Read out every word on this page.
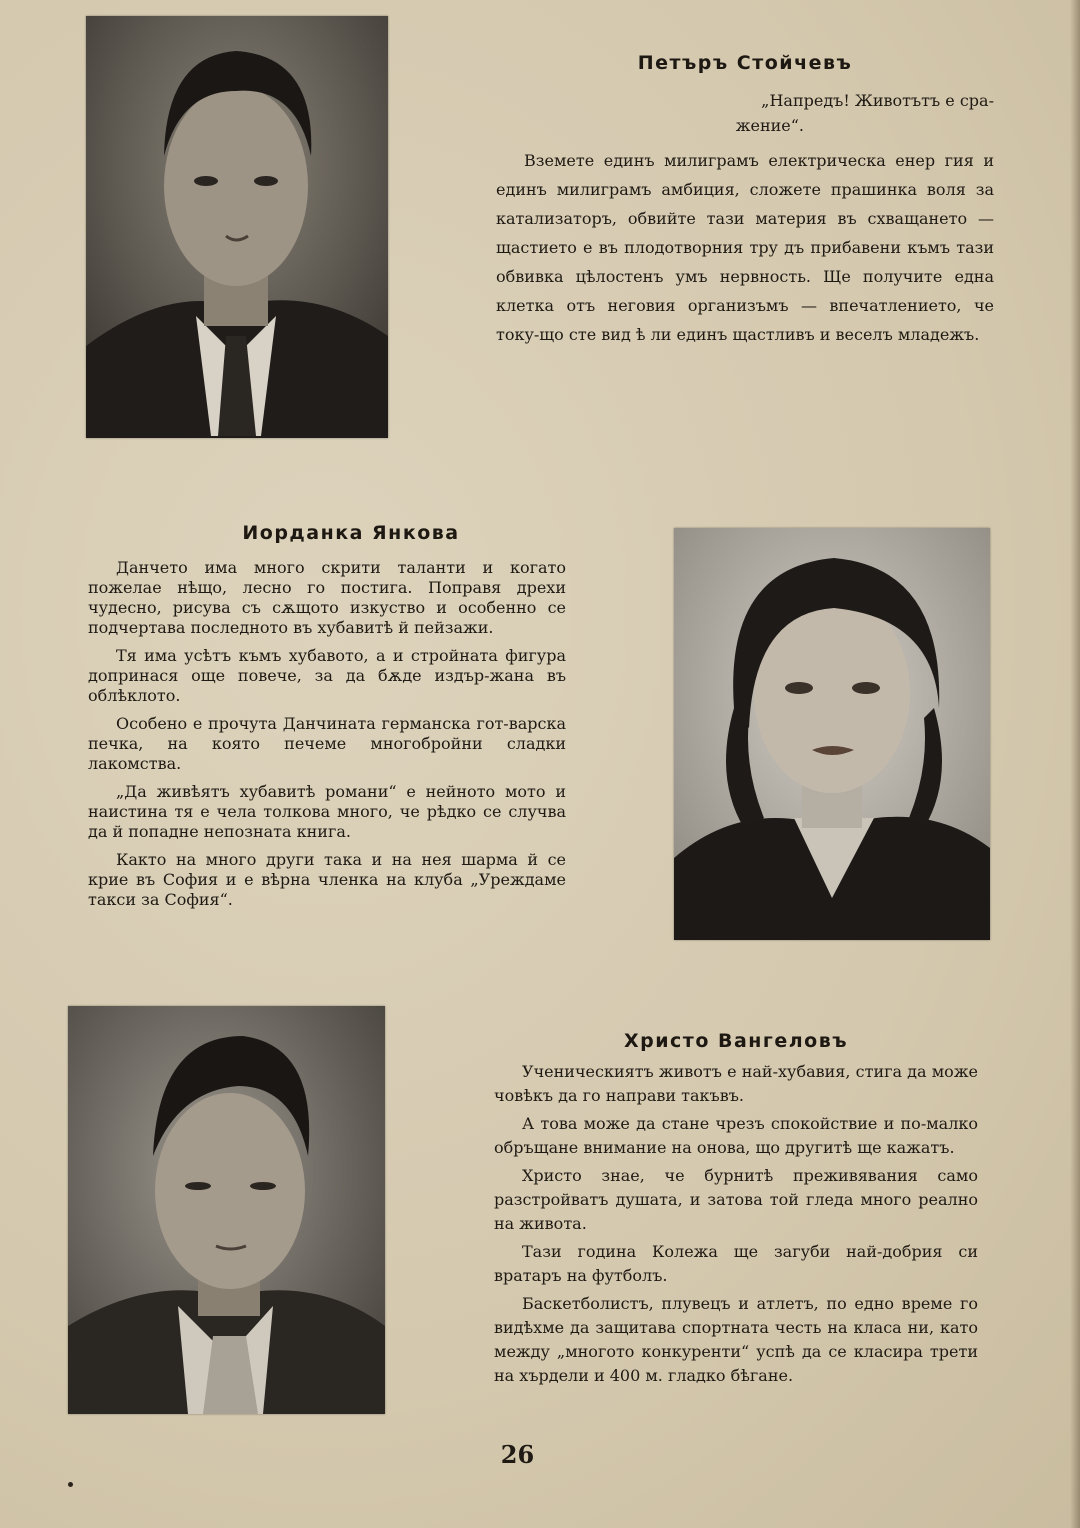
Петъръ Стойчевъ

„Напредъ! Животътъ е сра-

жение“.

Вземете единъ милиграмъ електрическа енер гия и единъ милиграмъ амбиция, сложете прашинка воля за катализаторъ, обвийте тази материя въ схващането — щастието е въ плодотворния тру дъ прибавени къмъ тази обвивка цѣлостенъ умъ нервность. Ще получите една клетка отъ неговия организъмъ — впечатлението, че току-що сте вид ѣ ли единъ щастливъ и веселъ младежъ.

Иорданка Янкова

Данчето има много скрити таланти и когато пожелае нѣщо, лесно го постига. Поправя дрехи чудесно, рисува съ сѫщото изкуство и особенно се подчертава последното въ хубавитѣ й пейзажи.

Тя има усѣтъ къмъ хубавото, а и стройната фигура допринася още повече, за да бѫде издър-жана въ облѣклото.

Особено е прочута Данчината германска гот-варска печка, на която печеме многобройни сладки лакомства.

„Да живѣятъ хубавитѣ романи“ е нейното мото и наистина тя е чела толкова много, че рѣдко се случва да й попадне непозната книга.

Както на много други така и на нея шарма й се крие въ София и е вѣрна членка на клуба „Уреждаме такси за София“.

Христо Вангеловъ

Ученическиятъ животъ е най-хубавия, стига да може човѣкъ да го направи такъвъ.

А това може да стане чрезъ спокойствие и по-малко обръщане внимание на онова, що другитѣ ще кажатъ.

Христо знае, че бурнитѣ преживявания само разстройватъ душата, и затова той гледа много реално на живота.

Тази година Колежа ще загуби най-добрия си вратаръ на футболъ.

Баскетболистъ, плувецъ и атлетъ, по едно време го видѣхме да защитава спортната честь на класа ни, като между „многото конкуренти“ успѣ да се класира трети на хърдели и 400 м. гладко бѣгане.

26
